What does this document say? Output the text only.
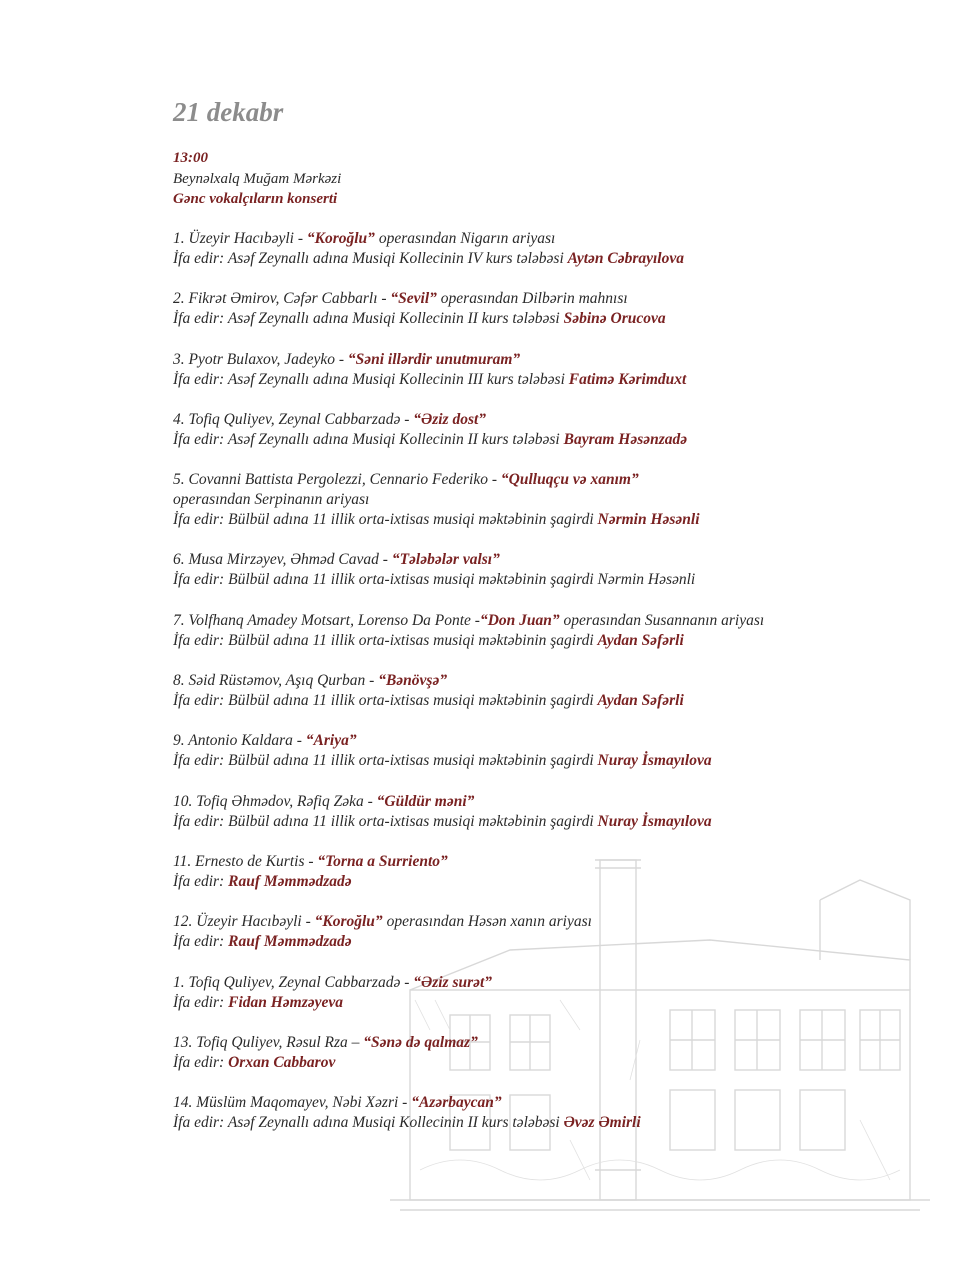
21 dekabr
13:00
Beynəlxalq Muğam Mərkəzi
Gənc vokalçıların konserti
1. Üzeyir Hacıbəyli - “Koroğlu” operasından Nigarın ariyası
İfa edir: Asəf Zeynallı adına Musiqi Kollecinin IV kurs tələbəsi Aytən Cəbrayılova
2. Fikrət Əmirov, Cəfər Cabbarlı - “Sevil” operasından Dilbərin mahnısı
İfa edir: Asəf Zeynallı adına Musiqi Kollecinin II kurs tələbəsi Səbinə Orucova
3. Pyotr Bulaxov, Jadeyko - “Səni illərdir unutmuram”
İfa edir: Asəf Zeynallı adına Musiqi Kollecinin III kurs tələbəsi Fatimə Kərimduxt
4. Tofiq Quliyev, Zeynal Cabbarzadə - “Əziz dost”
İfa edir: Asəf Zeynallı adına Musiqi Kollecinin II kurs tələbəsi Bayram Həsənzadə
5. Covanni Battista Pergolezzi, Cennario Federiko - “Qulluqçu və xanım”
operasından Serpinanın ariyası
İfa edir: Bülbül adına 11 illik orta-ixtisas musiqi məktəbinin şagirdi Nərmin Həsənli
6. Musa Mirzəyev, Əhməd Cavad - “Tələbələr valsı”
İfa edir: Bülbül adına 11 illik orta-ixtisas musiqi məktəbinin şagirdi Nərmin Həsənli
7. Volfhanq Amadey Motsart, Lorenso Da Ponte -“Don Juan” operasından Susannanın ariyası
İfa edir: Bülbül adına 11 illik orta-ixtisas musiqi məktəbinin şagirdi Aydan Səfərli
8. Səid Rüstəmov, Aşıq Qurban - “Bənövşə”
İfa edir: Bülbül adına 11 illik orta-ixtisas musiqi məktəbinin şagirdi Aydan Səfərli
9. Antonio Kaldara - “Ariya”
İfa edir: Bülbül adına 11 illik orta-ixtisas musiqi məktəbinin şagirdi Nuray İsmayılova
10. Tofiq Əhmədov, Rəfiq Zəka - “Güldür məni”
İfa edir: Bülbül adına 11 illik orta-ixtisas musiqi məktəbinin şagirdi Nuray İsmayılova
11. Ernesto de Kurtis - “Torna a Surriento”
İfa edir: Rauf Məmmədzadə
12. Üzeyir Hacıbəyli - “Koroğlu” operasından Həsən xanın ariyası
İfa edir: Rauf Məmmədzadə
1. Tofiq Quliyev, Zeynal Cabbarzadə - “Əziz surət”
İfa edir: Fidan Həmzəyeva
13. Tofiq Quliyev, Rəsul Rza – “Sənə də qalmaz”
İfa edir: Orxan Cabbarov
14. Müslüm Maqomayev, Nəbi Xəzri - “Azərbaycan”
İfa edir: Asəf Zeynallı adına Musiqi Kollecinin II kurs tələbəsi Əvəz Əmirli
